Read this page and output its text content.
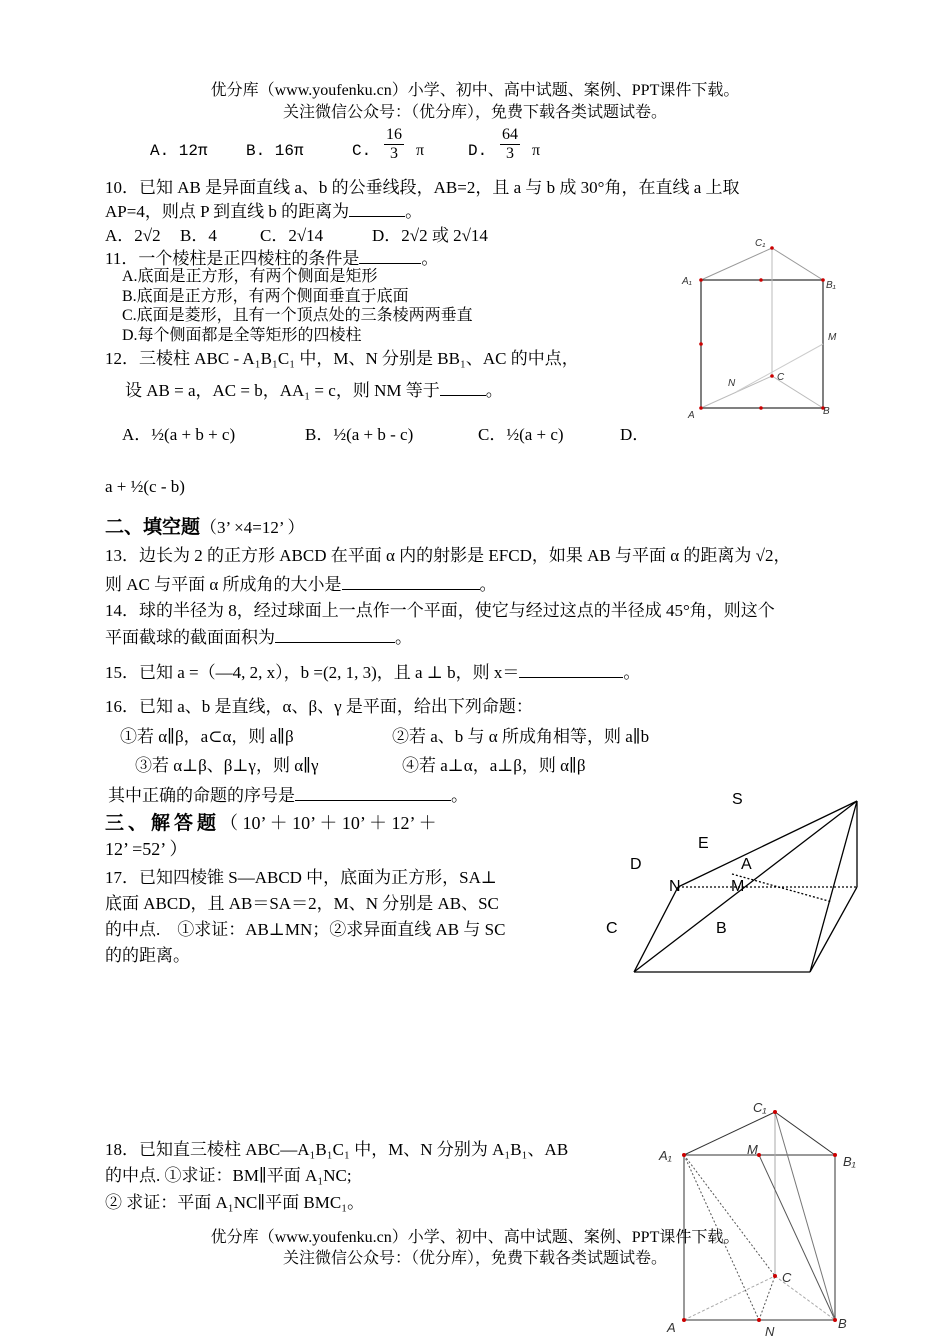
优分库（www.youfenku.cn）小学、初中、高中试题、案例、PPT课件下载。
关注微信公众号：（优分库），免费下载各类试题试卷。
A. 12π B. 16π	C. $\frac{16}{3}$ π	D. $\frac{64}{3}$ π
10．已知 AB 是异面直线 a、b 的公垂线段，AB=2，且 a 与 b 成 30°角，在直线 a 上取
AP=4，则点 P 到直线 b 的距离为	。
A．2√2 B．4	C．2√14	D．2√2 或 2√14
11．一个棱柱是正四棱柱的条件是	。
A.底面是正方形，有两个侧面是矩形
B.底面是正方形，有两个侧面垂直于底面
C.底面是菱形，且有一个顶点处的三条棱两两垂直
D.每个侧面都是全等矩形的四棱柱
12．三棱柱 ABC - A₁B₁C₁ 中，M、N 分别是 BB₁、AC 的中点，
设 AB = a，AC = b，AA₁ = c，则 NM 等于	。
A．½(a + b + c)	B．½(a + b - c)	C．½(a + c)	D．
a + ½(c - b)
二、填空题（3’ ×4=12’ ）
13．边长为 2 的正方形 ABCD 在平面 α 内的射影是 EFCD，如果 AB 与平面 α 的距离为 √2，
则 AC 与平面 α 所成角的大小是	。
14．球的半径为 8，经过球面上一点作一个平面，使它与经过这点的半径成 45°角，则这个
平面截球的截面面积为	。
15．已知 a =（—4, 2, x），b =(2, 1, 3)，且 a ⊥ b，则 x＝	。
16．已知 a、b 是直线，α、β、γ 是平面，给出下列命题：
①若 α∥β，a⊂α，则 a∥β	②若 a、b 与 α 所成角相等，则 a∥b
③若 α⊥β、β⊥γ，则 α∥γ	④若 a⊥α，a⊥β，则 α∥β
其中正确的命题的序号是	。
三、解答题（ 10’ ＋ 10’ ＋ 10’ ＋ 12’ ＋
12’ =52’ ）
17．已知四棱锥 S—ABCD 中，底面为正方形，SA⊥
底面 ABCD，且 AB＝SA＝2，M、N 分别是 AB、SC
的中点.　①求证：AB⊥MN；②求异面直线 AB 与 SC
的的距离。
18．已知直三棱柱 ABC—A₁B₁C₁ 中，M、N 分别为 A₁B₁、AB
的中点. ①求证：BM∥平面 A₁NC;
② 求证：平面 A₁NC∥平面 BMC₁。
优分库（www.youfenku.cn）小学、初中、高中试题、案例、PPT课件下载。
关注微信公众号：（优分库），免费下载各类试题试卷。
C₁
A₁	B₁
M
N
C
A	B
S
E
D	A
N	M
C	B
C₁
A₁	M
B₁
C
A	N
B
